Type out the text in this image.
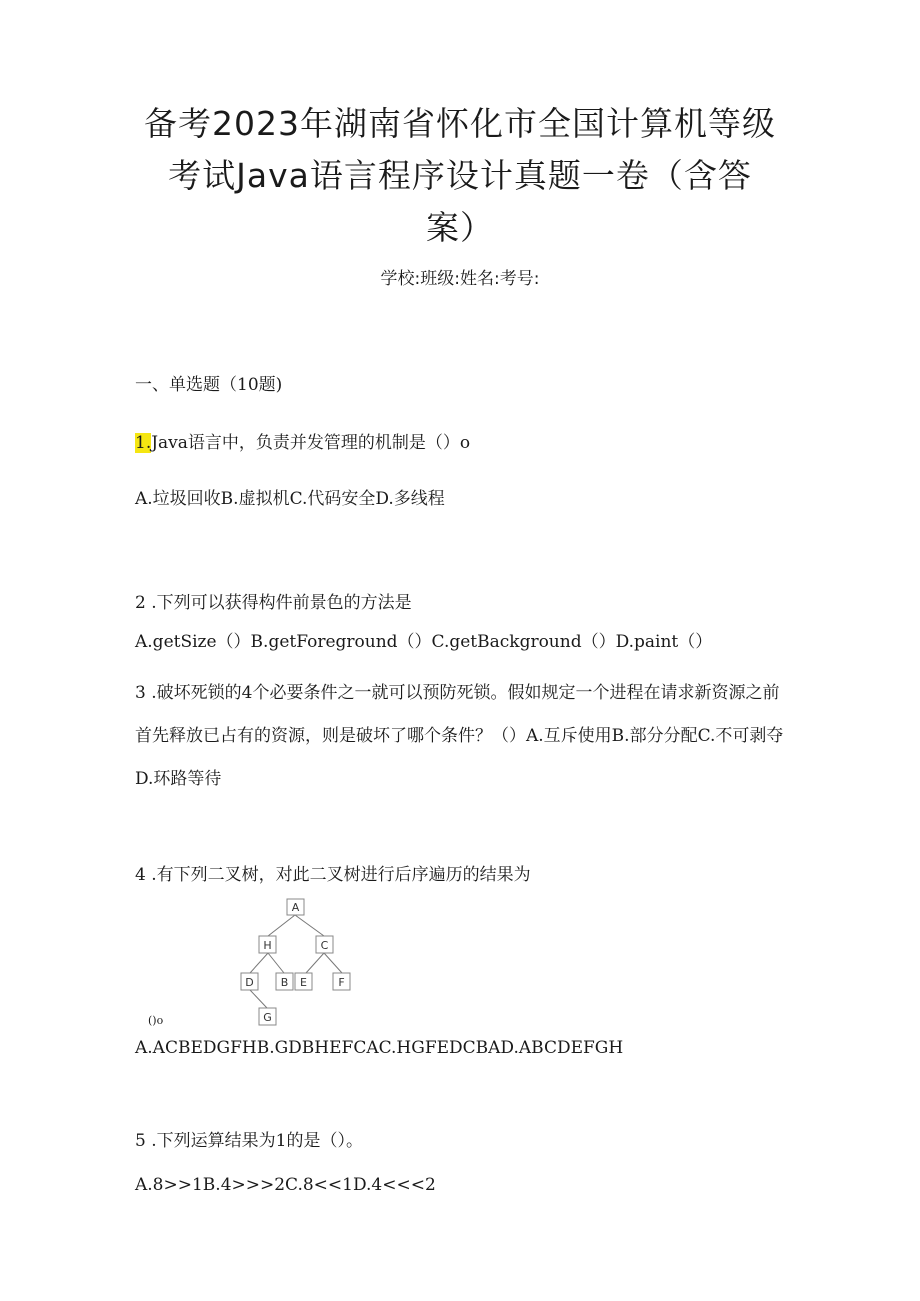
备考2023年湖南省怀化市全国计算机等级
考试Java语言程序设计真题一卷（含答
案）
学校:班级:姓名:考号:
一、单选题（10题)
1.Java语言中，负责并发管理的机制是（）o
A.垃圾回收B.虚拟机C.代码安全D.多线程
2 .下列可以获得构件前景色的方法是
A.getSize（）B.getForeground（）C.getBackground（）D.paint（）
3 .破坏死锁的4个必要条件之一就可以预防死锁。假如规定一个进程在请求新资源之前首先释放已占有的资源，则是破坏了哪个条件？（）A.互斥使用B.部分分配C.不可剥夺D.环路等待
4 .有下列二叉树，对此二叉树进行后序遍历的结果为
A
H	C
D B E	F
G
()o
A.ACBEDGFHB.GDBHEFCAC.HGFEDCBAD.ABCDEFGH
5 .下列运算结果为1的是（）。
A.8>>1B.4>>>2C.8<<1D.4<<<2
